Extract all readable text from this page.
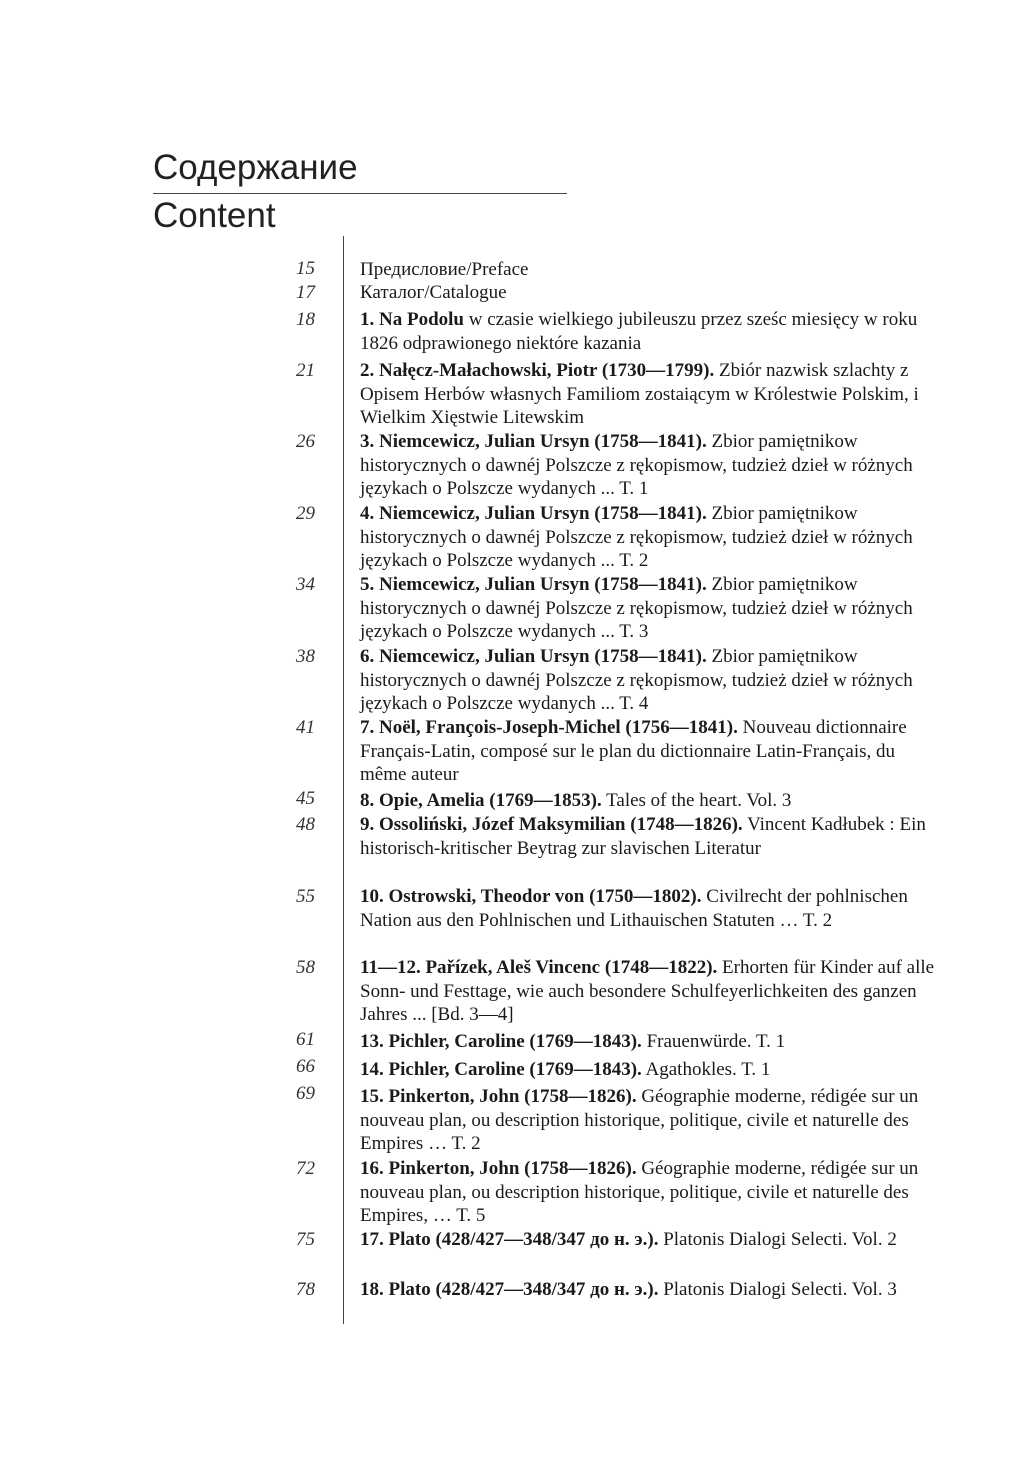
Содержание
Content
15 Предисловие/Preface
17 Каталог/Catalogue
18 1. Na Podolu w czasie wielkiego jubileuszu przez sześc miesięcy w roku 1826 odprawionego niektóre kazania
21 2. Nałęcz-Małachowski, Piotr (1730—1799). Zbiór nazwisk szlachty z Opisem Herbów własnych Familiom zostaiącym w Królestwie Polskim, i Wielkim Xięstwie Litewskim
26 3. Niemcewicz, Julian Ursyn (1758—1841). Zbior pamiętnikow historycznych o dawnéj Polszcze z rękopismow, tudzież dzieł w różnych językach o Polszcze wydanych ... T. 1
29 4. Niemcewicz, Julian Ursyn (1758—1841). Zbior pamiętnikow historycznych o dawnéj Polszcze z rękopismow, tudzież dzieł w różnych językach o Polszcze wydanych ... T. 2
34 5. Niemcewicz, Julian Ursyn (1758—1841). Zbior pamiętnikow historycznych o dawnéj Polszcze z rękopismow, tudzież dzieł w różnych językach o Polszcze wydanych ... T. 3
38 6. Niemcewicz, Julian Ursyn (1758—1841). Zbior pamiętnikow historycznych o dawnéj Polszcze z rękopismow, tudzież dzieł w różnych językach o Polszcze wydanych ... T. 4
41 7. Noël, François-Joseph-Michel (1756—1841). Nouveau dictionnaire Français-Latin, composé sur le plan du dictionnaire Latin-Français, du même auteur
45 8. Opie, Amelia (1769—1853). Tales of the heart. Vol. 3
48 9. Ossoliński, Józef Maksymilian (1748—1826). Vincent Kadłubek : Ein historisch-kritischer Beytrag zur slavischen Literatur
55 10. Ostrowski, Theodor von (1750—1802). Civilrecht der pohlnischen Nation aus den Pohlnischen und Lithauischen Statuten … T. 2
58 11—12. Pařízek, Aleš Vincenc (1748—1822). Erhorten für Kinder auf alle Sonn- und Festtage, wie auch besondere Schulfeyerlichkeiten des ganzen Jahres ... [Bd. 3—4]
61 13. Pichler, Caroline (1769—1843). Frauenwürde. T. 1
66 14. Pichler, Caroline (1769—1843). Agathokles. T. 1
69 15. Pinkerton, John (1758—1826). Géographie moderne, rédigée sur un nouveau plan, ou description historique, politique, civile et naturelle des Empires … T. 2
72 16. Pinkerton, John (1758—1826). Géographie moderne, rédigée sur un nouveau plan, ou description historique, politique, civile et naturelle des Empires, … T. 5
75 17. Plato (428/427—348/347 до н. э.). Platonis Dialogi Selecti. Vol. 2
78 18. Plato (428/427—348/347 до н. э.). Platonis Dialogi Selecti. Vol. 3
